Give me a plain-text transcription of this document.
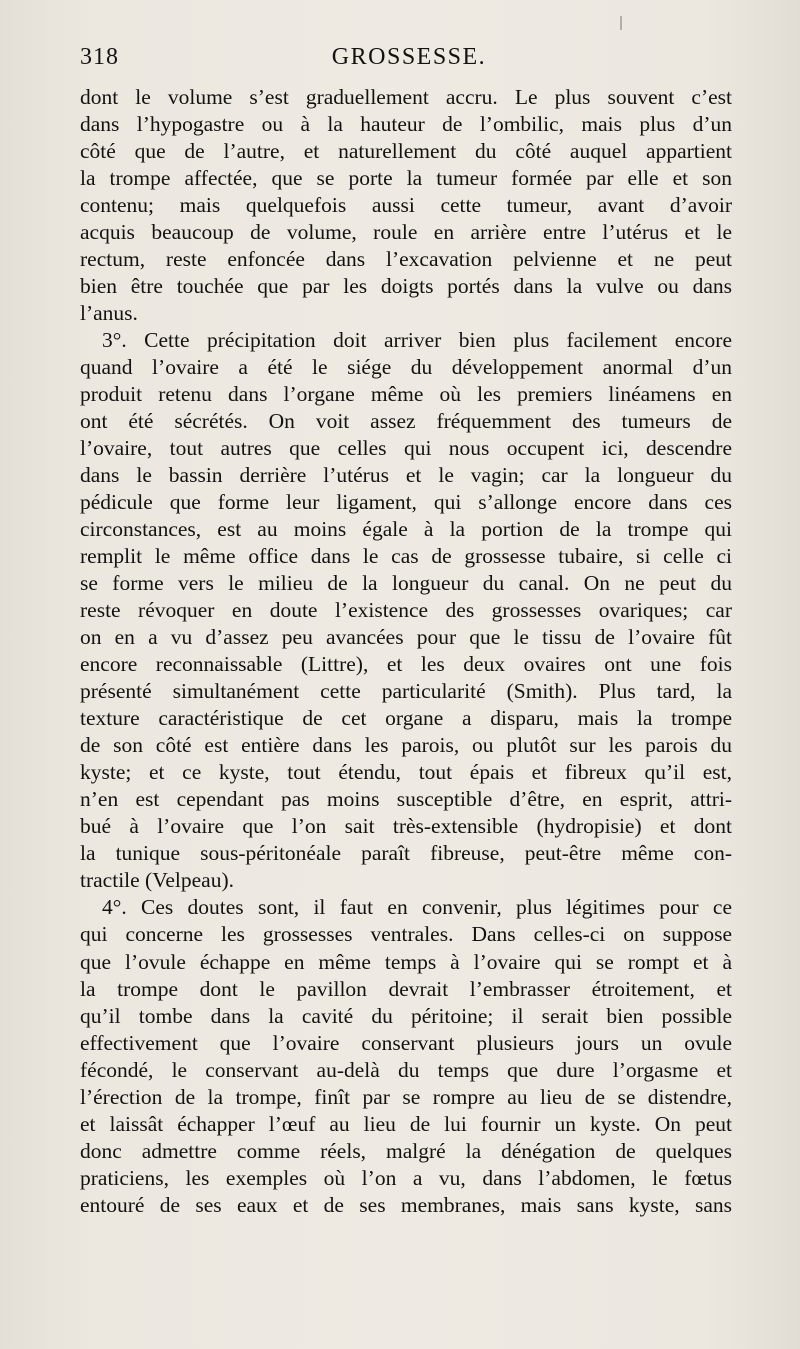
318	GROSSESSE.
dont le volume s’est graduellement accru. Le plus souvent c’est
dans l’hypogastre ou à la hauteur de l’ombilic, mais plus d’un
côté que de l’autre, et naturellement du côté auquel appartient
la trompe affectée, que se porte la tumeur formée par elle et son
contenu; mais quelquefois aussi cette tumeur, avant d’avoir
acquis beaucoup de volume, roule en arrière entre l’utérus et le
rectum, reste enfoncée dans l’excavation pelvienne et ne peut
bien être touchée que par les doigts portés dans la vulve ou dans
l’anus.
3°. Cette précipitation doit arriver bien plus facilement encore
quand l’ovaire a été le siége du développement anormal d’un
produit retenu dans l’organe même où les premiers linéamens en
ont été sécrétés. On voit assez fréquemment des tumeurs de
l’ovaire, tout autres que celles qui nous occupent ici, descendre
dans le bassin derrière l’utérus et le vagin; car la longueur du
pédicule que forme leur ligament, qui s’allonge encore dans ces
circonstances, est au moins égale à la portion de la trompe qui
remplit le même office dans le cas de grossesse tubaire, si celle ci
se forme vers le milieu de la longueur du canal. On ne peut du
reste révoquer en doute l’existence des grossesses ovariques; car
on en a vu d’assez peu avancées pour que le tissu de l’ovaire fût
encore reconnaissable (Littre), et les deux ovaires ont une fois
présenté simultanément cette particularité (Smith). Plus tard, la
texture caractéristique de cet organe a disparu, mais la trompe
de son côté est entière dans les parois, ou plutôt sur les parois du
kyste; et ce kyste, tout étendu, tout épais et fibreux qu’il est,
n’en est cependant pas moins susceptible d’être, en esprit, attri-
bué à l’ovaire que l’on sait très-extensible (hydropisie) et dont
la tunique sous-péritonéale paraît fibreuse, peut-être même con-
tractile (Velpeau).
4°. Ces doutes sont, il faut en convenir, plus légitimes pour ce
qui concerne les grossesses ventrales. Dans celles-ci on suppose
que l’ovule échappe en même temps à l’ovaire qui se rompt et à
la trompe dont le pavillon devrait l’embrasser étroitement, et
qu’il tombe dans la cavité du péritoine; il serait bien possible
effectivement que l’ovaire conservant plusieurs jours un ovule
fécondé, le conservant au-delà du temps que dure l’orgasme et
l’érection de la trompe, finît par se rompre au lieu de se distendre,
et laissât échapper l’œuf au lieu de lui fournir un kyste. On peut
donc admettre comme réels, malgré la dénégation de quelques
praticiens, les exemples où l’on a vu, dans l’abdomen, le fœtus
entouré de ses eaux et de ses membranes, mais sans kyste, sans
